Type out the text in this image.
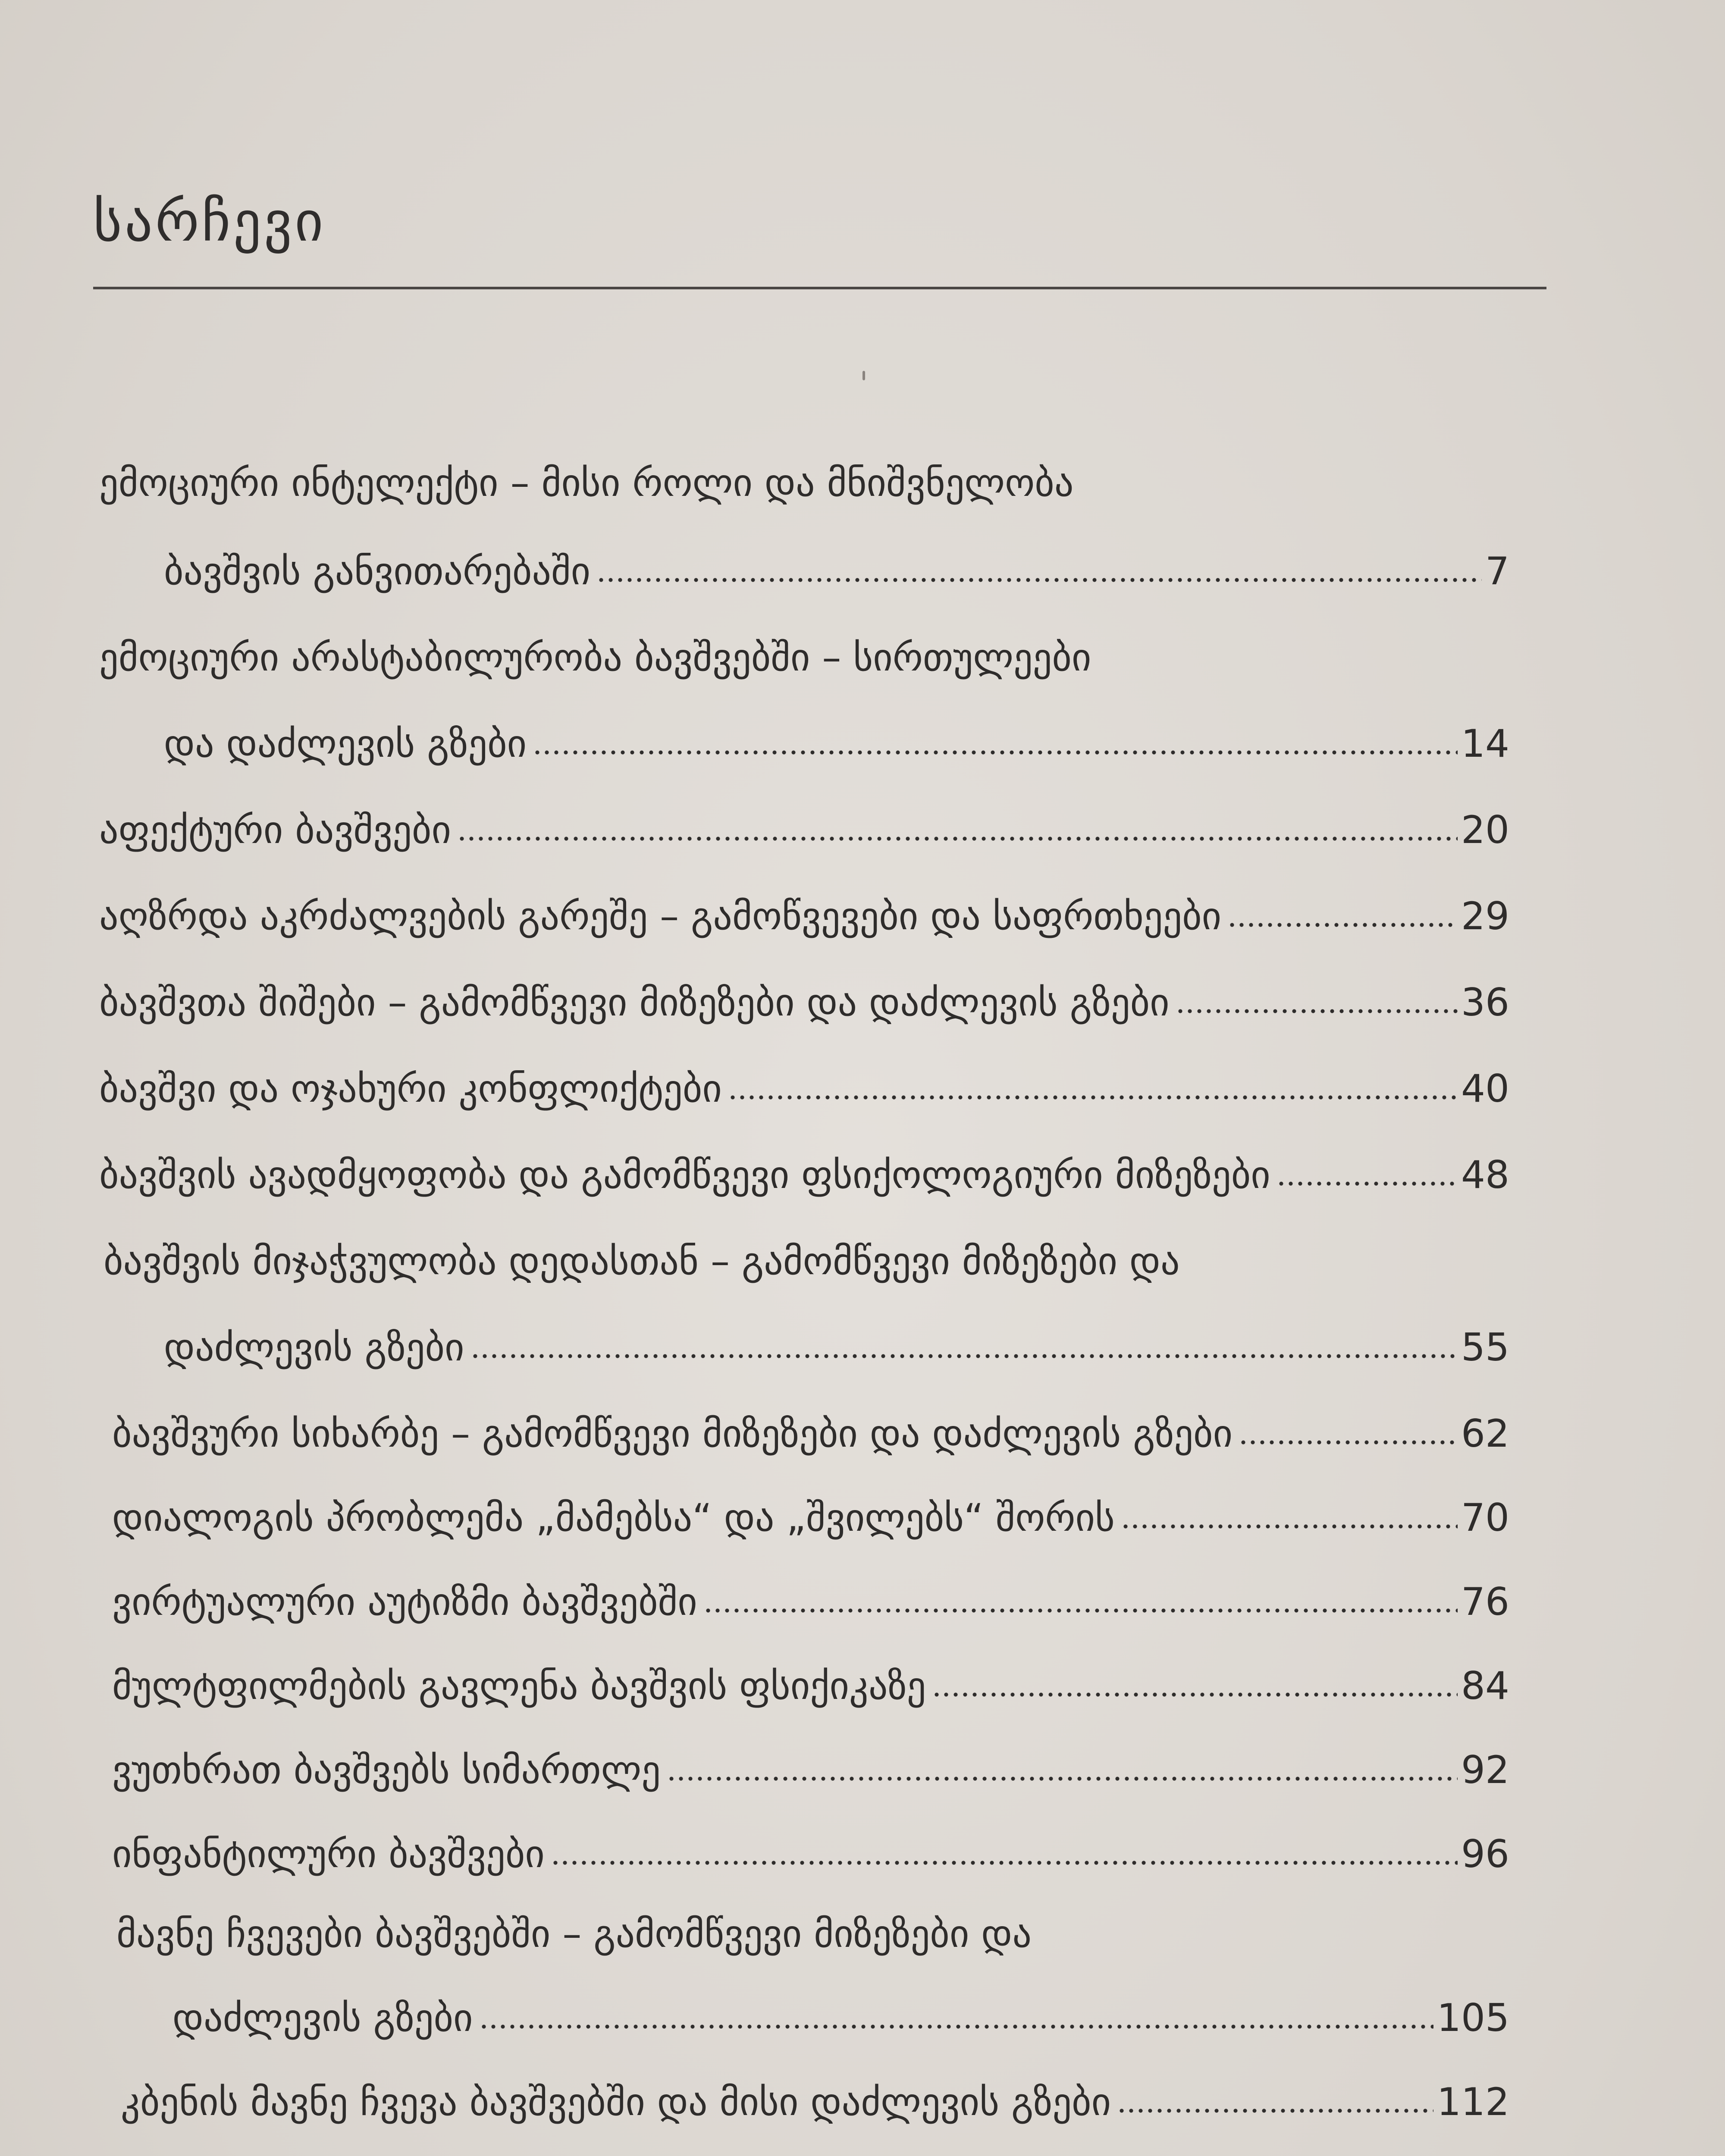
სარჩევი
ემოციური ინტელექტი – მისი როლი და მნიშვნელობა
ბავშვის განვითარებაში	7
ემოციური არასტაბილურობა ბავშვებში – სირთულეები
და დაძლევის გზები	14
აფექტური ბავშვები	20
აღზრდა აკრძალვების გარეშე – გამოწვევები და საფრთხეები	29
ბავშვთა შიშები – გამომწვევი მიზეზები და დაძლევის გზები	36
ბავშვი და ოჯახური კონფლიქტები	40
ბავშვის ავადმყოფობა და გამომწვევი ფსიქოლოგიური მიზეზები	48
ბავშვის მიჯაჭვულობა დედასთან – გამომწვევი მიზეზები და
დაძლევის გზები	55
ბავშვური სიხარბე – გამომწვევი მიზეზები და დაძლევის გზები	62
დიალოგის პრობლემა „მამებსა“ და „შვილებს“ შორის	70
ვირტუალური აუტიზმი ბავშვებში	76
მულტფილმების გავლენა ბავშვის ფსიქიკაზე	84
ვუთხრათ ბავშვებს სიმართლე	92
ინფანტილური ბავშვები	96
მავნე ჩვევები ბავშვებში – გამომწვევი მიზეზები და
დაძლევის გზები	105
კბენის მავნე ჩვევა ბავშვებში და მისი დაძლევის გზები	112
